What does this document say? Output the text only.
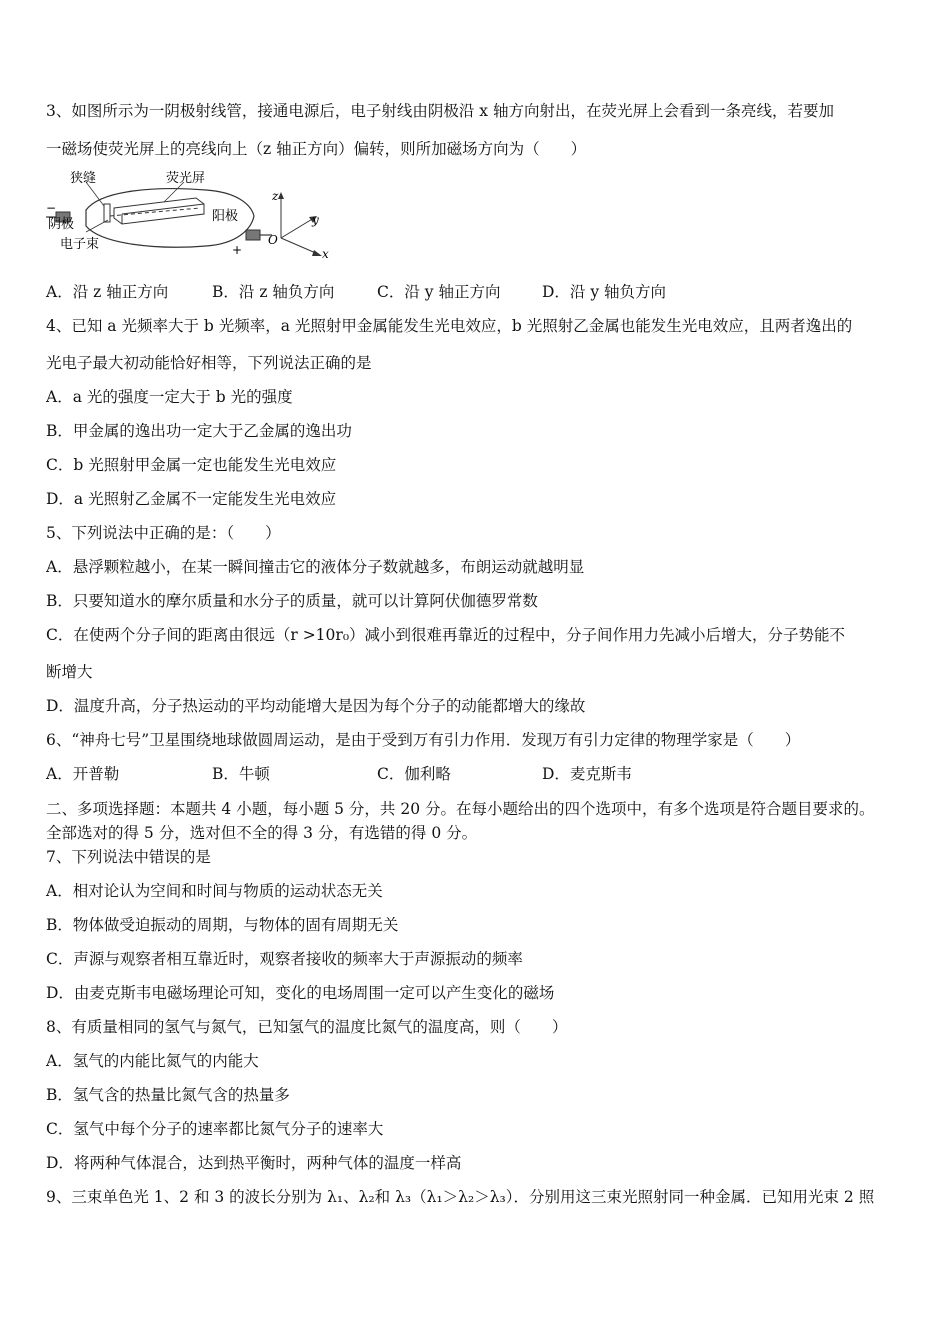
3、如图所示为一阴极射线管，接通电源后，电子射线由阴极沿 x 轴方向射出，在荧光屏上会看到一条亮线，若要加
一磁场使荧光屏上的亮线向上（z 轴正方向）偏转，则所加磁场方向为（　　）
狭缝	荧光屏
阴极
阳极
电子束
−
+
z
y
x
O
A．沿 z 轴正方向	B．沿 z 轴负方向	C．沿 y 轴正方向	D．沿 y 轴负方向
4、已知 a 光频率大于 b 光频率，a 光照射甲金属能发生光电效应，b 光照射乙金属也能发生光电效应，且两者逸出的
光电子最大初动能恰好相等，下列说法正确的是
A．a 光的强度一定大于 b 光的强度
B．甲金属的逸出功一定大于乙金属的逸出功
C．b 光照射甲金属一定也能发生光电效应
D．a 光照射乙金属不一定能发生光电效应
5、下列说法中正确的是：（　　）
A．悬浮颗粒越小，在某一瞬间撞击它的液体分子数就越多，布朗运动就越明显
B．只要知道水的摩尔质量和水分子的质量，就可以计算阿伏伽德罗常数
C．在使两个分子间的距离由很远（r >10r₀）减小到很难再靠近的过程中，分子间作用力先减小后增大，分子势能不
断增大
D．温度升高，分子热运动的平均动能增大是因为每个分子的动能都增大的缘故
6、“神舟七号”卫星围绕地球做圆周运动，是由于受到万有引力作用．发现万有引力定律的物理学家是（　　）
A．开普勒	B．牛顿	C．伽利略	D．麦克斯韦
二、多项选择题：本题共 4 小题，每小题 5 分，共 20 分。在每小题给出的四个选项中，有多个选项是符合题目要求的。
全部选对的得 5 分，选对但不全的得 3 分，有选错的得 0 分。
7、下列说法中错误的是
A．相对论认为空间和时间与物质的运动状态无关
B．物体做受迫振动的周期，与物体的固有周期无关
C．声源与观察者相互靠近时，观察者接收的频率大于声源振动的频率
D．由麦克斯韦电磁场理论可知，变化的电场周围一定可以产生变化的磁场
8、有质量相同的氢气与氮气，已知氢气的温度比氮气的温度高，则（　　）
A．氢气的内能比氮气的内能大
B．氢气含的热量比氮气含的热量多
C．氢气中每个分子的速率都比氮气分子的速率大
D．将两种气体混合，达到热平衡时，两种气体的温度一样高
9、三束单色光 1、2 和 3 的波长分别为 λ₁、λ₂和 λ₃（λ₁＞λ₂＞λ₃）．分别用这三束光照射同一种金属．已知用光束 2 照
